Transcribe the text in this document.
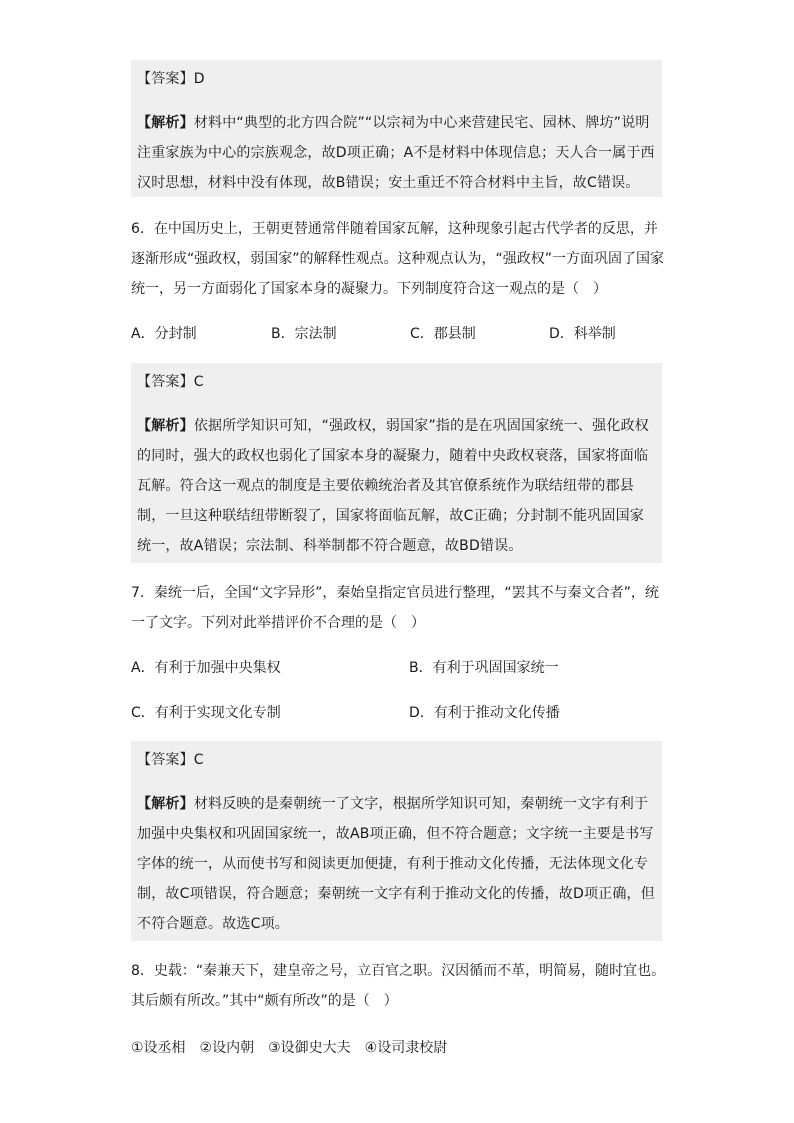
【答案】D

【解析】材料中“典型的北方四合院”“以宗祠为中心来营建民宅、园林、牌坊”说明注重家族为中心的宗族观念，故D项正确；A不是材料中体现信息；天人合一属于西汉时思想，材料中没有体现，故B错误；安土重迁不符合材料中主旨，故C错误。

6．在中国历史上，王朝更替通常伴随着国家瓦解，这种现象引起古代学者的反思，并逐渐形成“强政权，弱国家”的解释性观点。这种观点认为，“强政权”一方面巩固了国家统一，另一方面弱化了国家本身的凝聚力。下列制度符合这一观点的是（　）

A．分封制	B．宗法制	C．郡县制	D．科举制

【答案】C

【解析】依据所学知识可知，“强政权，弱国家”指的是在巩固国家统一、强化政权的同时，强大的政权也弱化了国家本身的凝聚力，随着中央政权衰落，国家将面临瓦解。符合这一观点的制度是主要依赖统治者及其官僚系统作为联结纽带的郡县制，一旦这种联结纽带断裂了，国家将面临瓦解，故C正确；分封制不能巩固国家统一，故A错误；宗法制、科举制都不符合题意，故BD错误。

7．秦统一后，全国“文字异形”，秦始皇指定官员进行整理，“罢其不与秦文合者”，统一了文字。下列对此举措评价不合理的是（　）

A．有利于加强中央集权	B．有利于巩固国家统一
C．有利于实现文化专制	D．有利于推动文化传播

【答案】C

【解析】材料反映的是秦朝统一了文字，根据所学知识可知，秦朝统一文字有利于加强中央集权和巩固国家统一，故AB项正确，但不符合题意；文字统一主要是书写字体的统一，从而使书写和阅读更加便捷，有利于推动文化传播，无法体现文化专制，故C项错误，符合题意；秦朝统一文字有利于推动文化的传播，故D项正确，但不符合题意。故选C项。

8．史载：“秦兼天下，建皇帝之号，立百官之职。汉因循而不革，明简易，随时宜也。其后颇有所改。”其中“颇有所改”的是（　）

①设丞相　②设内朝　③设御史大夫　④设司隶校尉
